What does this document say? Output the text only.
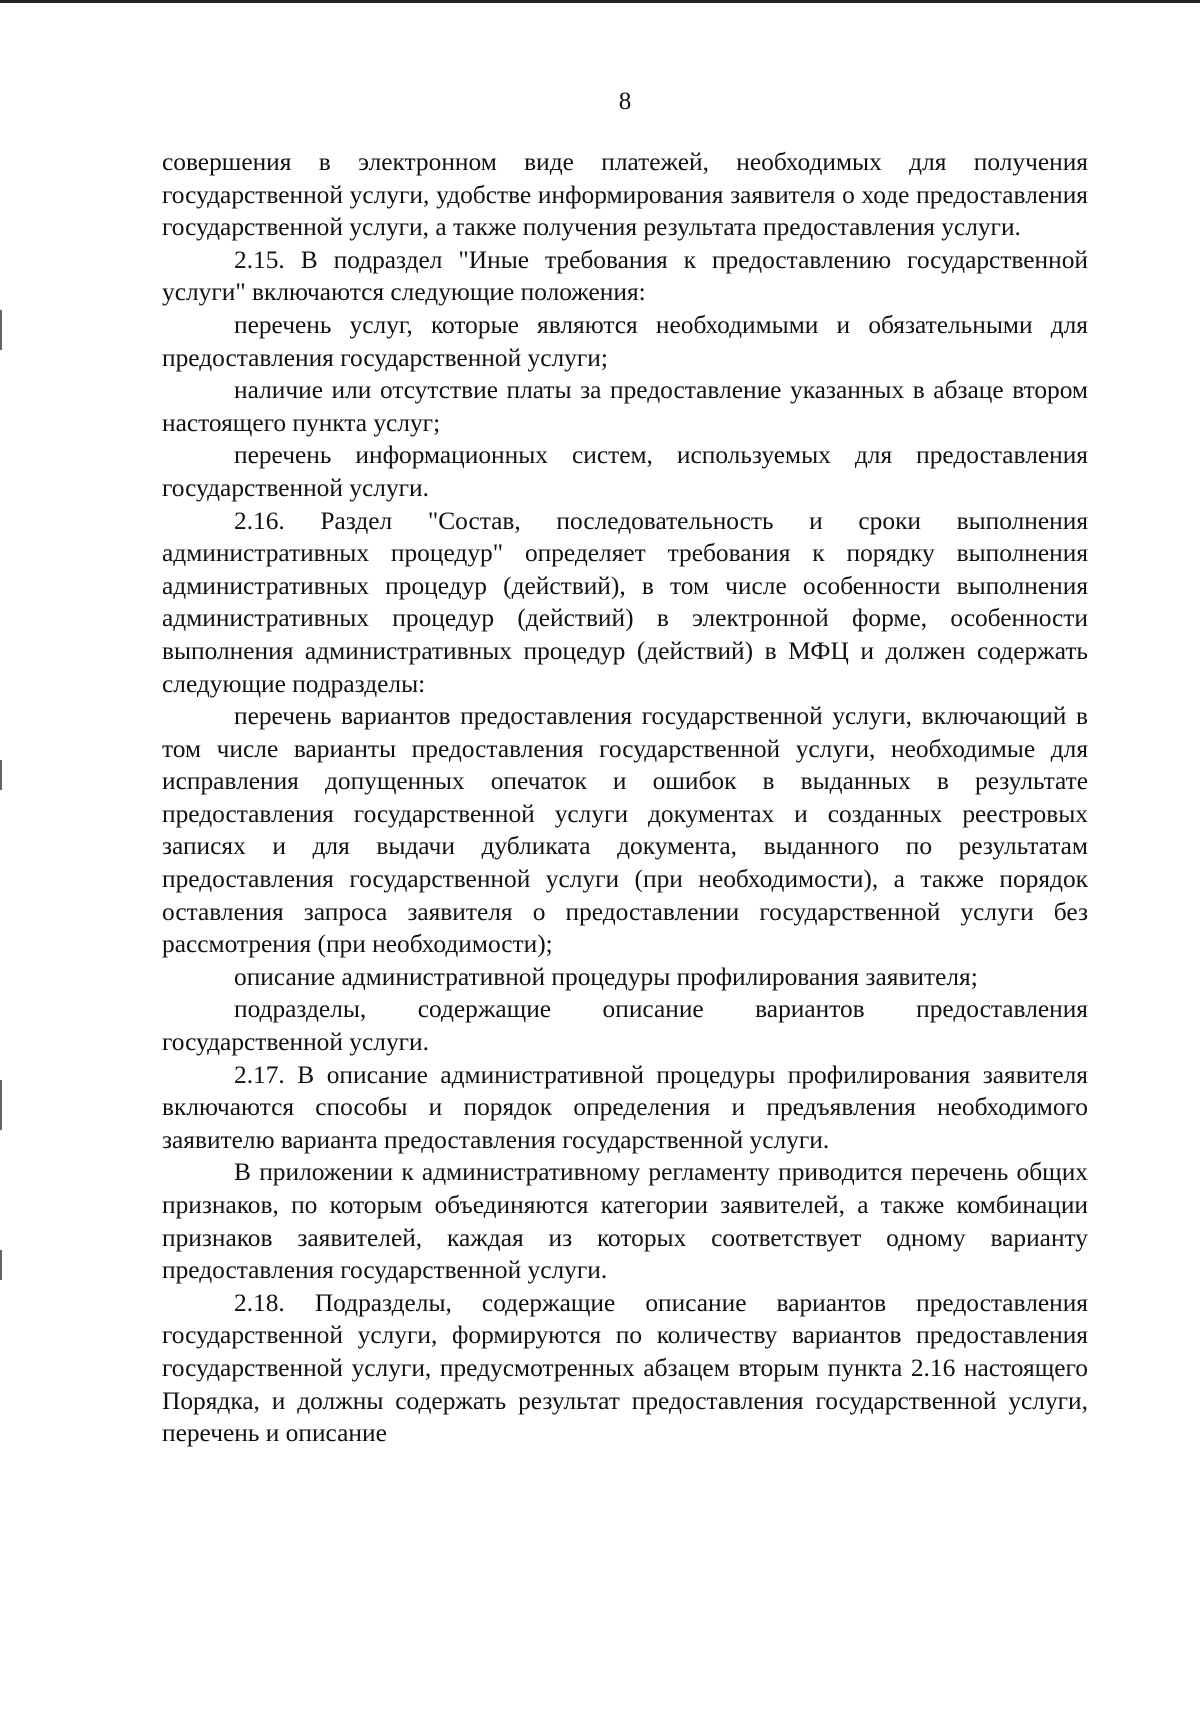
8

совершения в электронном виде платежей, необходимых для получения государственной услуги, удобстве информирования заявителя о ходе предоставления государственной услуги, а также получения результата предоставления услуги.

2.15. В подраздел "Иные требования к предоставлению государственной услуги" включаются следующие положения:

перечень услуг, которые являются необходимыми и обязательными для предоставления государственной услуги;

наличие или отсутствие платы за предоставление указанных в абзаце втором настоящего пункта услуг;

перечень информационных систем, используемых для предоставления государственной услуги.

2.16. Раздел "Состав, последовательность и сроки выполнения административных процедур" определяет требования к порядку выполнения административных процедур (действий), в том числе особенности выполнения административных процедур (действий) в электронной форме, особенности выполнения административных процедур (действий) в МФЦ и должен содержать следующие подразделы:

перечень вариантов предоставления государственной услуги, включающий в том числе варианты предоставления государственной услуги, необходимые для исправления допущенных опечаток и ошибок в выданных в результате предоставления государственной услуги документах и созданных реестровых записях и для выдачи дубликата документа, выданного по результатам предоставления государственной услуги (при необходимости), а также порядок оставления запроса заявителя о предоставлении государственной услуги без рассмотрения (при необходимости);

описание административной процедуры профилирования заявителя;

подразделы, содержащие описание вариантов предоставления государственной услуги.

2.17. В описание административной процедуры профилирования заявителя включаются способы и порядок определения и предъявления необходимого заявителю варианта предоставления государственной услуги.

В приложении к административному регламенту приводится перечень общих признаков, по которым объединяются категории заявителей, а также комбинации признаков заявителей, каждая из которых соответствует одному варианту предоставления государственной услуги.

2.18. Подразделы, содержащие описание вариантов предоставления государственной услуги, формируются по количеству вариантов предоставления государственной услуги, предусмотренных абзацем вторым пункта 2.16 настоящего Порядка, и должны содержать результат предоставления государственной услуги, перечень и описание
